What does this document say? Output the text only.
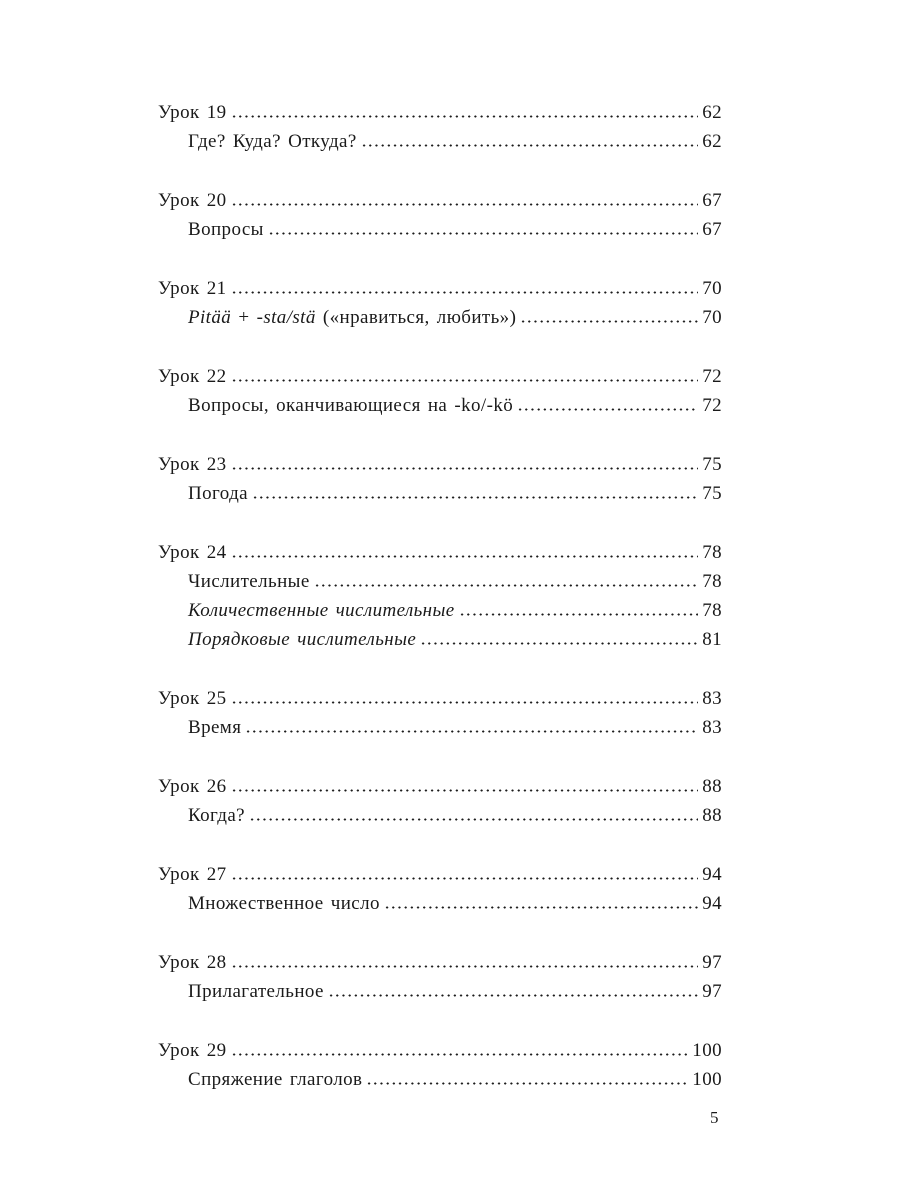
Урок 19	62
Где? Куда? Откуда?	62
Урок 20	67
Вопросы	67
Урок 21	70
Pitää + -sta/stä («нравиться, любить»)	70
Урок 22	72
Вопросы, оканчивающиеся на -ko/-kö	72
Урок 23	75
Погода	75
Урок 24	78
Числительные	78
Количественные числительные	78
Порядковые числительные	81
Урок 25	83
Время	83
Урок 26	88
Когда?	88
Урок 27	94
Множественное число	94
Урок 28	97
Прилагательное	97
Урок 29	100
Спряжение глаголов	100
5
